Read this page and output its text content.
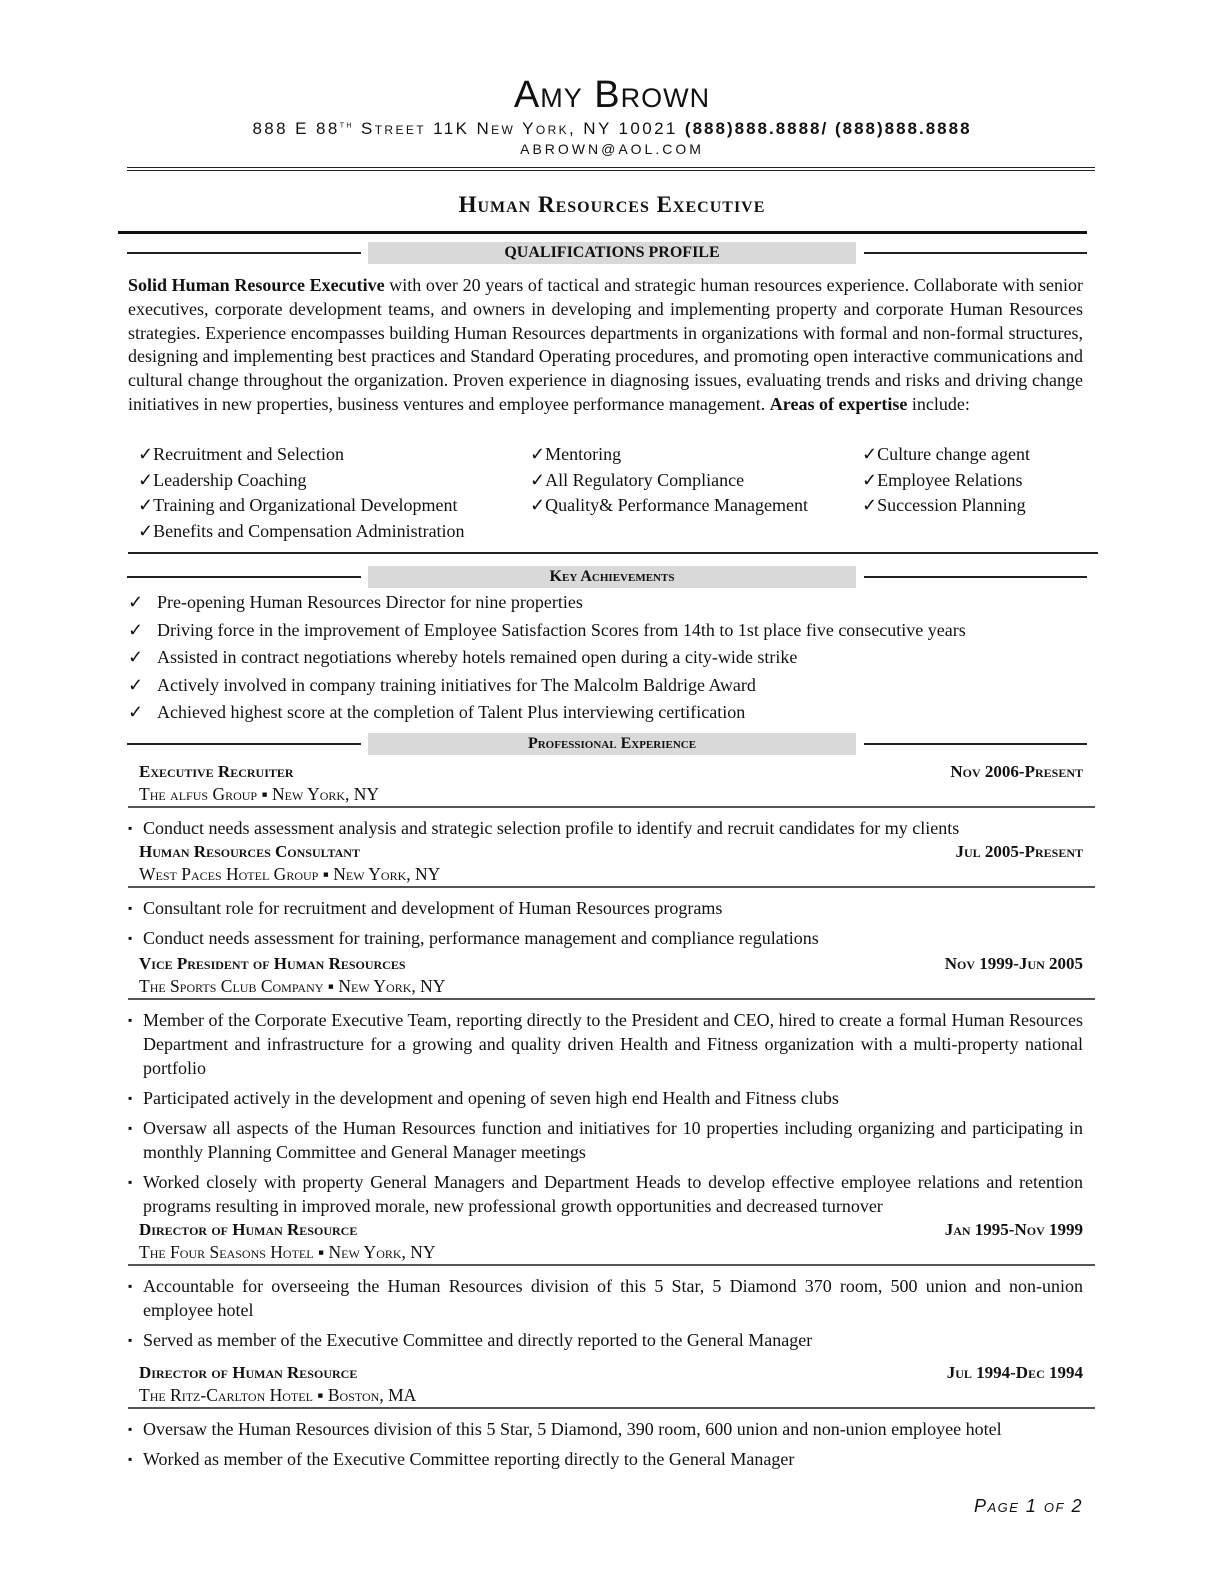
Amy Brown
888 E 88th Street 11K New York, NY 10021 (888)888.8888/ (888)888.8888
ABROWN@AOL.COM
Human Resources Executive
QUALIFICATIONS PROFILE
Solid Human Resource Executive with over 20 years of tactical and strategic human resources experience. Collaborate with senior executives, corporate development teams, and owners in developing and implementing property and corporate Human Resources strategies. Experience encompasses building Human Resources departments in organizations with formal and non-formal structures, designing and implementing best practices and Standard Operating procedures, and promoting open interactive communications and cultural change throughout the organization. Proven experience in diagnosing issues, evaluating trends and risks and driving change initiatives in new properties, business ventures and employee performance management. Areas of expertise include:
✓Recruitment and Selection	✓Mentoring	✓Culture change agent
✓Leadership Coaching	✓All Regulatory Compliance	✓Employee Relations
✓Training and Organizational Development	✓Quality& Performance Management	✓Succession Planning
✓Benefits and Compensation Administration
Key Achievements
✓ Pre-opening Human Resources Director for nine properties
✓ Driving force in the improvement of Employee Satisfaction Scores from 14th to 1st place five consecutive years
✓ Assisted in contract negotiations whereby hotels remained open during a city-wide strike
✓ Actively involved in company training initiatives for The Malcolm Baldrige Award
✓ Achieved highest score at the completion of Talent Plus interviewing certification
Professional Experience
Executive Recruiter	Nov 2006-Present
The alfus Group ▪ New York, NY
▪ Conduct needs assessment analysis and strategic selection profile to identify and recruit candidates for my clients
Human Resources Consultant	Jul 2005-Present
West Paces Hotel Group ▪ New York, NY
▪ Consultant role for recruitment and development of Human Resources programs
▪ Conduct needs assessment for training, performance management and compliance regulations
Vice President of Human Resources	Nov 1999-Jun 2005
The Sports Club Company ▪ New York, NY
▪ Member of the Corporate Executive Team, reporting directly to the President and CEO, hired to create a formal Human Resources Department and infrastructure for a growing and quality driven Health and Fitness organization with a multi-property national portfolio
▪ Participated actively in the development and opening of seven high end Health and Fitness clubs
▪ Oversaw all aspects of the Human Resources function and initiatives for 10 properties including organizing and participating in monthly Planning Committee and General Manager meetings
▪ Worked closely with property General Managers and Department Heads to develop effective employee relations and retention programs resulting in improved morale, new professional growth opportunities and decreased turnover
Director of Human Resource	Jan 1995-Nov 1999
The Four Seasons Hotel ▪ New York, NY
▪ Accountable for overseeing the Human Resources division of this 5 Star, 5 Diamond 370 room, 500 union and non-union employee hotel
▪ Served as member of the Executive Committee and directly reported to the General Manager
Director of Human Resource	Jul 1994-Dec 1994
The Ritz-Carlton Hotel ▪ Boston, MA
▪ Oversaw the Human Resources division of this 5 Star, 5 Diamond, 390 room, 600 union and non-union employee hotel
▪ Worked as member of the Executive Committee reporting directly to the General Manager
Page 1 of 2
